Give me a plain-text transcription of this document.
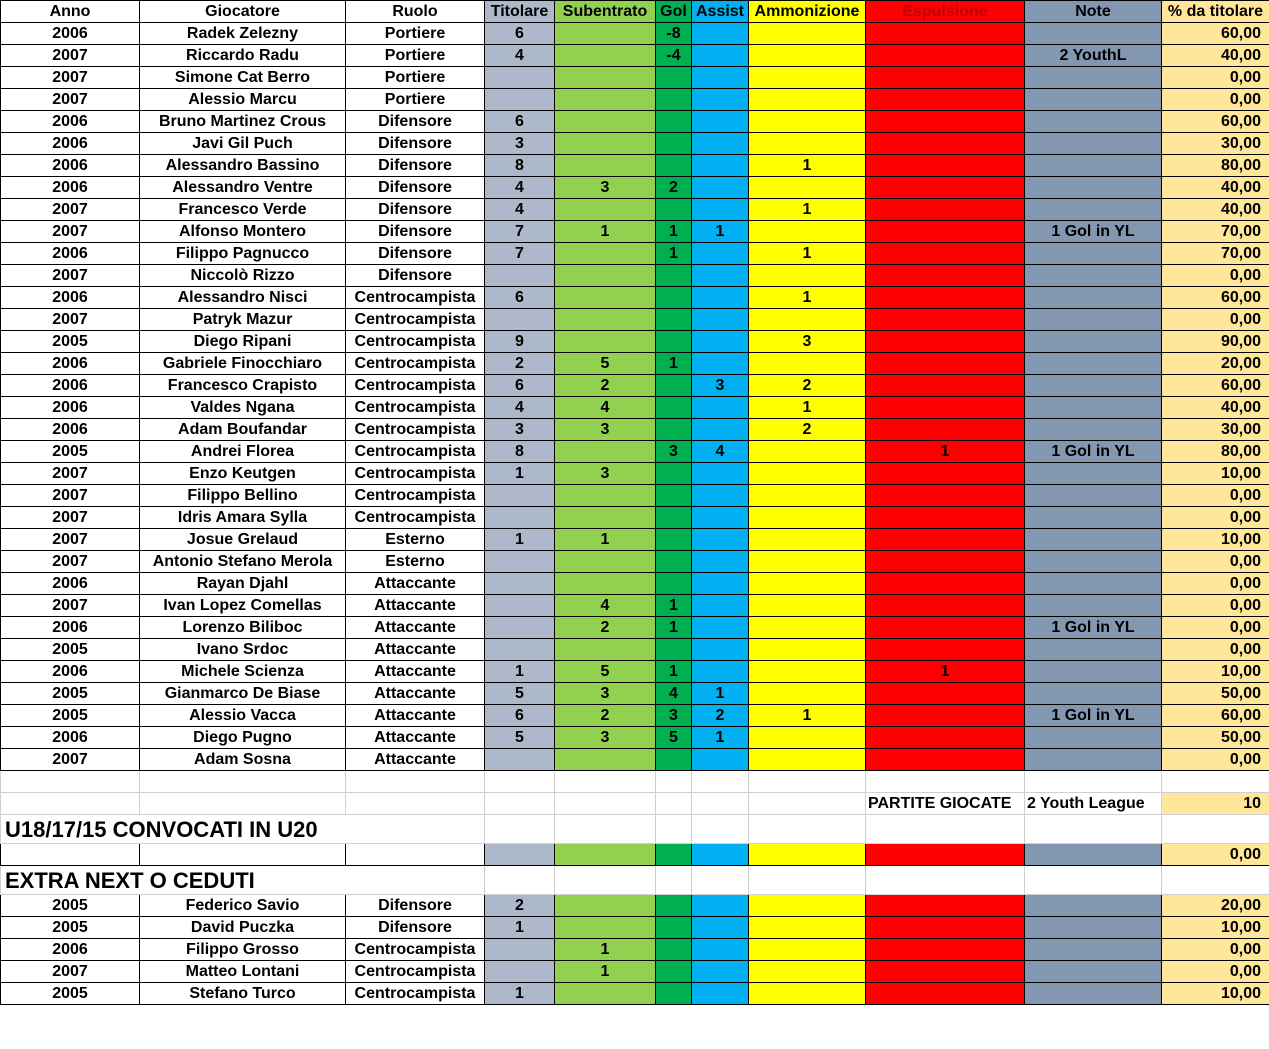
Anno	Giocatore	Ruolo	Titolare	Subentrato	Gol	Assist	Ammonizione	Espulsione	Note	% da titolare
2006	Radek Zelezny	Portiere	6		-8					60,00
2007	Riccardo Radu	Portiere	4		-4				2 YouthL	40,00
2007	Simone Cat Berro	Portiere								0,00
2007	Alessio Marcu	Portiere								0,00
2006	Bruno Martinez Crous	Difensore	6							60,00
2006	Javi Gil Puch	Difensore	3							30,00
2006	Alessandro Bassino	Difensore	8				1			80,00
2006	Alessandro Ventre	Difensore	4	3	2					40,00
2007	Francesco Verde	Difensore	4				1			40,00
2007	Alfonso Montero	Difensore	7	1	1	1			1 Gol in YL	70,00
2006	Filippo Pagnucco	Difensore	7		1		1			70,00
2007	Niccolò Rizzo	Difensore								0,00
2006	Alessandro Nisci	Centrocampista	6				1			60,00
2007	Patryk Mazur	Centrocampista								0,00
2005	Diego Ripani	Centrocampista	9				3			90,00
2006	Gabriele Finocchiaro	Centrocampista	2	5	1					20,00
2006	Francesco Crapisto	Centrocampista	6	2		3	2			60,00
2006	Valdes Ngana	Centrocampista	4	4			1			40,00
2006	Adam Boufandar	Centrocampista	3	3			2			30,00
2005	Andrei Florea	Centrocampista	8		3	4		1	1 Gol in YL	80,00
2007	Enzo Keutgen	Centrocampista	1	3						10,00
2007	Filippo Bellino	Centrocampista								0,00
2007	Idris Amara Sylla	Centrocampista								0,00
2007	Josue Grelaud	Esterno	1	1						10,00
2007	Antonio Stefano Merola	Esterno								0,00
2006	Rayan Djahl	Attaccante								0,00
2007	Ivan Lopez Comellas	Attaccante		4	1					0,00
2006	Lorenzo Biliboc	Attaccante		2	1				1 Gol in YL	0,00
2005	Ivano Srdoc	Attaccante								0,00
2006	Michele Scienza	Attaccante	1	5	1			1		10,00
2005	Gianmarco De Biase	Attaccante	5	3	4	1				50,00
2005	Alessio Vacca	Attaccante	6	2	3	2	1		1 Gol in YL	60,00
2006	Diego Pugno	Attaccante	5	3	5	1				50,00
2007	Adam Sosna	Attaccante								0,00

								PARTITE GIOCATE	2 Youth League	10
U18/17/15 CONVOCATI IN U20										
										0,00
EXTRA NEXT O CEDUTI										
2005	Federico Savio	Difensore	2							20,00
2005	David Puczka	Difensore	1							10,00
2006	Filippo Grosso	Centrocampista		1						0,00
2007	Matteo Lontani	Centrocampista		1						0,00
2005	Stefano Turco	Centrocampista	1							10,00
